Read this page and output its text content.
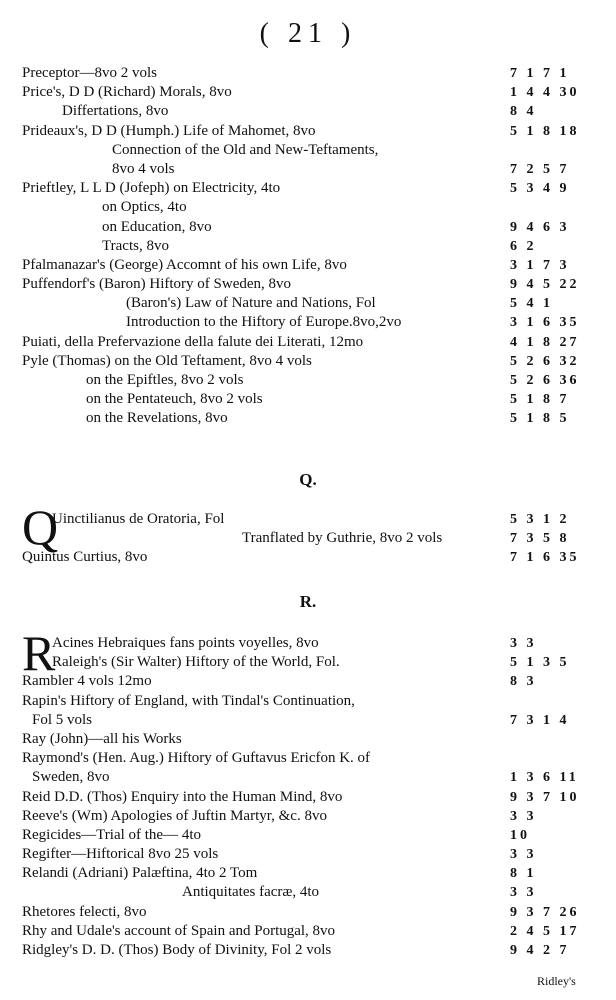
( 21 )
Preceptor—8vo 2 vols	7 1 7 1
Price's, D D (Richard) Morals, 8vo	1 4 4 30
Differtations, 8vo	8 4
Prideaux's, D D (Humph.) Life of Mahomet, 8vo	5 1 8 18
Connection of the Old and New-Teftaments,
8vo 4 vols	7 2 5 7
Prieftley, L L D (Jofeph) on Electricity, 4to	5 3 4 9
on Optics, 4to
on Education, 8vo	9 4 6 3
Tracts, 8vo	6 2
Pfalmanazar's (George) Accomnt of his own Life, 8vo	3 1 7 3
Puffendorf's (Baron) Hiftory of Sweden, 8vo	9 4 5 22
(Baron's) Law of Nature and Nations, Fol	5 4 1
Introduction to the Hiftory of Europe.8vo,2vo	3 1 6 35
Puiati, della Prefervazione della falute dei Literati, 12mo	4 1 8 27
Pyle (Thomas) on the Old Teftament, 8vo 4 vols	5 2 6 32
on the Epiftles, 8vo 2 vols	5 2 6 36
on the Pentateuch, 8vo 2 vols	5 1 8 7
on the Revelations, 8vo	5 1 8 5
Q.
Q
Uinctilianus de Oratoria, Fol	5 3 1 2
Tranflated by Guthrie, 8vo 2 vols	7 3 5 8
Quintus Curtius, 8vo	7 1 6 35
R.
R
Acines Hebraiques fans points voyelles, 8vo	3 3
Raleigh's (Sir Walter) Hiftory of the World, Fol.	5 1 3 5
Rambler 4 vols 12mo	8 3
Rapin's Hiftory of England, with Tindal's Continuation,
Fol 5 vols	7 3 1 4
Ray (John)—all his Works
Raymond's (Hen. Aug.) Hiftory of Guftavus Ericfon K. of
Sweden, 8vo	1 3 6 11
Reid D.D. (Thos) Enquiry into the Human Mind, 8vo	9 3 7 10
Reeve's (Wm) Apologies of Juftin Martyr, &c. 8vo	3 3
Regicides—Trial of the— 4to	10
Regifter—Hiftorical 8vo 25 vols	3 3
Relandi (Adriani) Palæftina, 4to 2 Tom	8 1
Antiquitates facræ, 4to	3 3
Rhetores felecti, 8vo	9 3 7 26
Rhy and Udale's account of Spain and Portugal, 8vo	2 4 5 17
Ridgley's D. D. (Thos) Body of Divinity, Fol 2 vols	9 4 2 7
Ridley's
